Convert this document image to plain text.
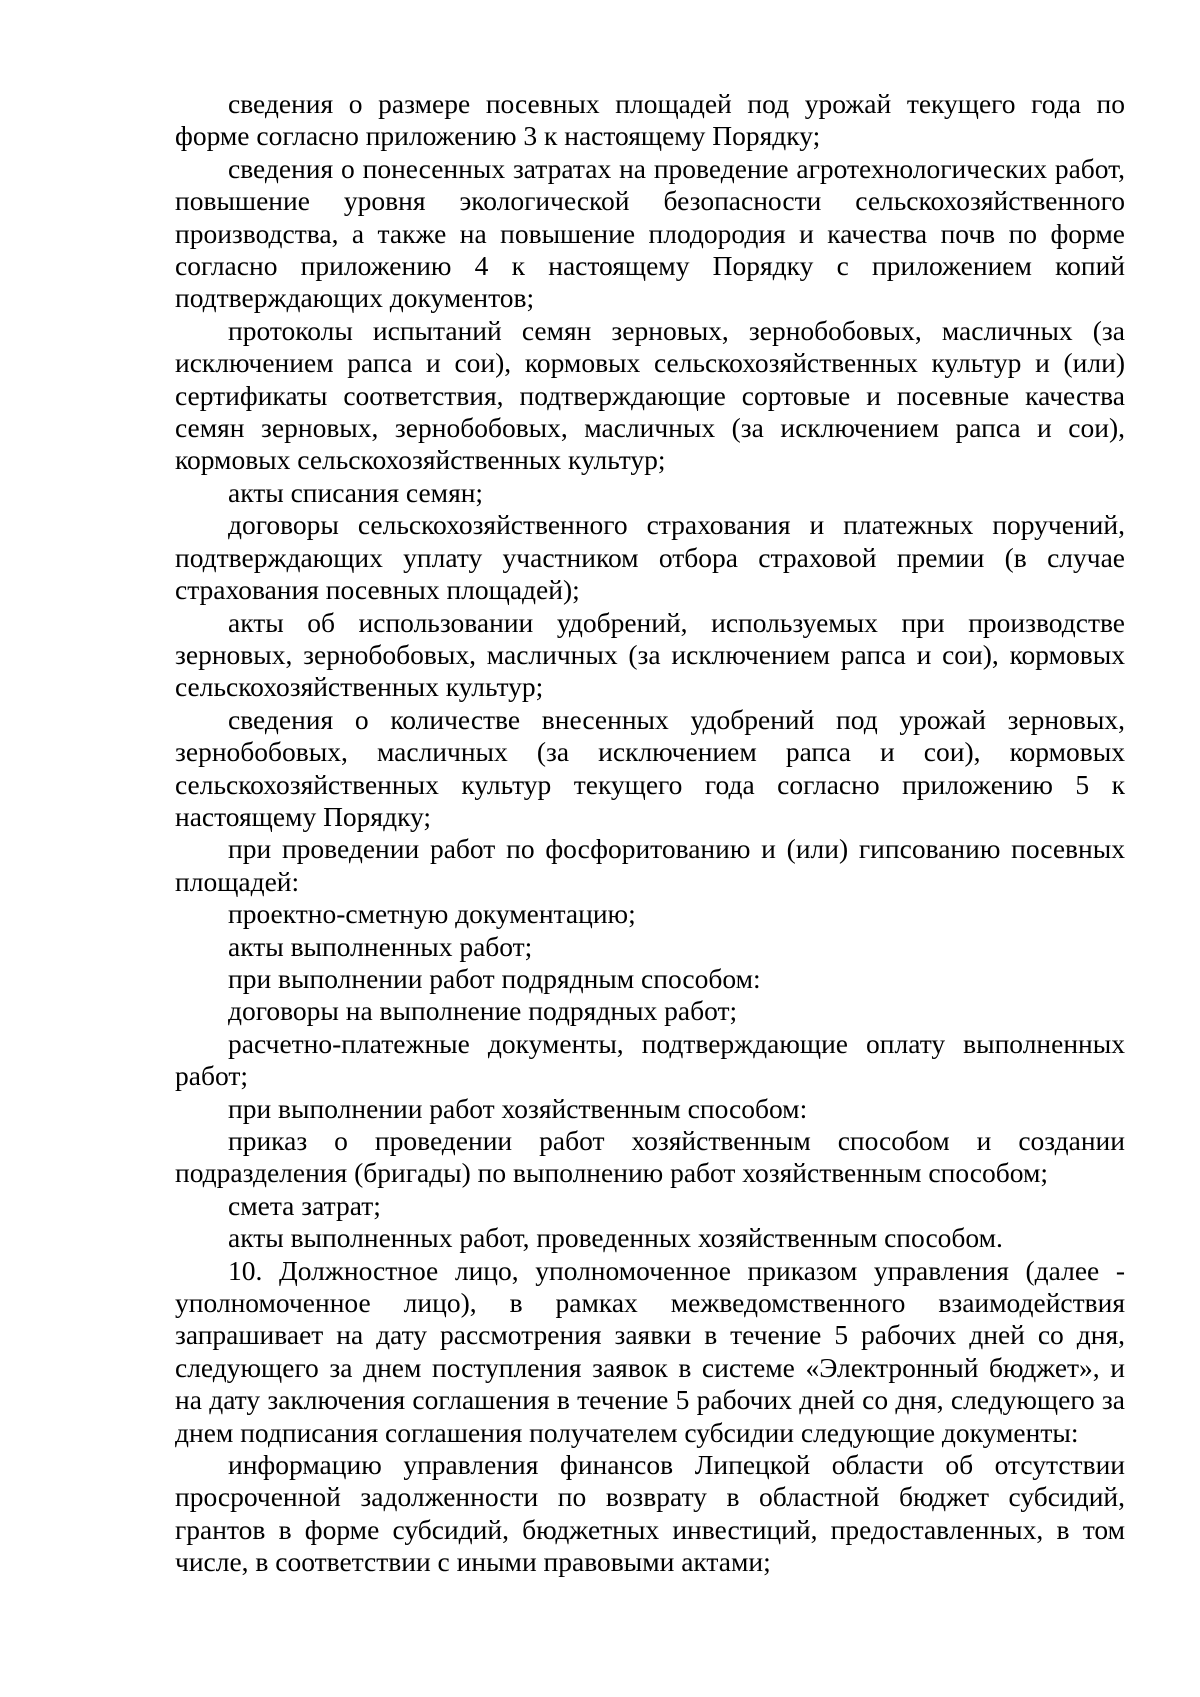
сведения о размере посевных площадей под урожай текущего года по форме согласно приложению 3 к настоящему Порядку;

сведения о понесенных затратах на проведение агротехнологических работ, повышение уровня экологической безопасности сельскохозяйственного производства, а также на повышение плодородия и качества почв по форме согласно приложению 4 к настоящему Порядку с приложением копий подтверждающих документов;

протоколы испытаний семян зерновых, зернобобовых, масличных (за исключением рапса и сои), кормовых сельскохозяйственных культур и (или) сертификаты соответствия, подтверждающие сортовые и посевные качества семян зерновых, зернобобовых, масличных (за исключением рапса и сои), кормовых сельскохозяйственных культур;

акты списания семян;

договоры сельскохозяйственного страхования и платежных поручений, подтверждающих уплату участником отбора страховой премии (в случае страхования посевных площадей);

акты об использовании удобрений, используемых при производстве зерновых, зернобобовых, масличных (за исключением рапса и сои), кормовых сельскохозяйственных культур;

сведения о количестве внесенных удобрений под урожай зерновых, зернобобовых, масличных (за исключением рапса и сои), кормовых сельскохозяйственных культур текущего года согласно приложению 5 к настоящему Порядку;

при проведении работ по фосфоритованию и (или) гипсованию посевных площадей:

проектно-сметную документацию;

акты выполненных работ;

при выполнении работ подрядным способом:

договоры на выполнение подрядных работ;

расчетно-платежные документы, подтверждающие оплату выполненных работ;

при выполнении работ хозяйственным способом:

приказ о проведении работ хозяйственным способом и создании подразделения (бригады) по выполнению работ хозяйственным способом;

смета затрат;

акты выполненных работ, проведенных хозяйственным способом.

10. Должностное лицо, уполномоченное приказом управления (далее - уполномоченное лицо), в рамках межведомственного взаимодействия запрашивает на дату рассмотрения заявки в течение 5 рабочих дней со дня, следующего за днем поступления заявок в системе «Электронный бюджет», и на дату заключения соглашения в течение 5 рабочих дней со дня, следующего за днем подписания соглашения получателем субсидии следующие документы:

информацию управления финансов Липецкой области об отсутствии просроченной задолженности по возврату в областной бюджет субсидий, грантов в форме субсидий, бюджетных инвестиций, предоставленных, в том числе, в соответствии с иными правовыми актами;
